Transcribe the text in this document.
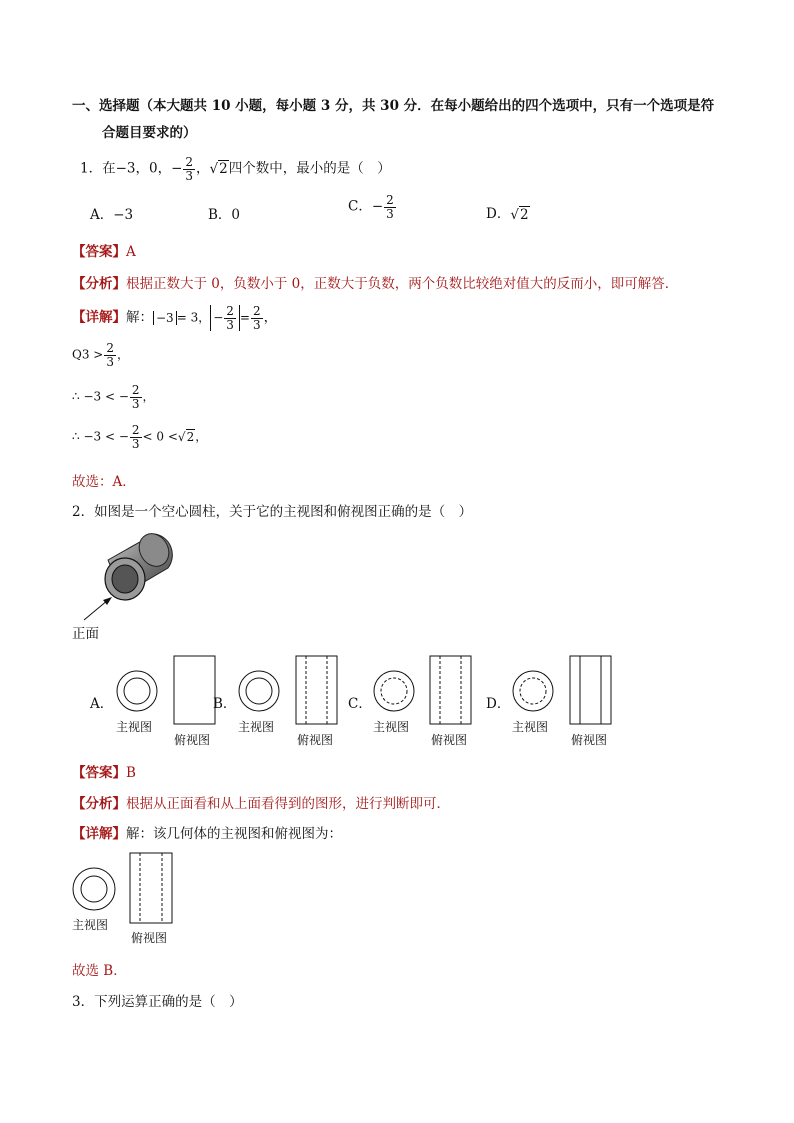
一、选择题（本大题共 10 小题，每小题 3 分，共 30 分．在每小题给出的四个选项中，只有一个选项是符
合题目要求的）
1．在−3，0，− $\frac{2}{3}$ ，√2四个数中，最小的是（　）
A．−3	B．0
C．− $\frac{2}{3}$	D．√2
【答案】A
【分析】根据正数大于 0，负数小于 0，正数大于负数，两个负数比较绝对值大的反而小，即可解答．
【详解】解： −3 = 3， − $\frac{2}{3} = \frac{2}{3}$ ，
$Q3 > \frac{2}{3}$ ，
∴ −3 < − $\frac{2}{3}$ ，
∴ −3 < − $\frac{2}{3} < 0 <√2$，
故选：A．
2．如图是一个空心圆柱，关于它的主视图和俯视图正确的是（　）
正面
A．
主视图
俯视图
B．
主视图
俯视图
C．
主视图
俯视图
D．
主视图
俯视图
【答案】B
【分析】根据从正面看和从上面看得到的图形，进行判断即可．
【详解】解：该几何体的主视图和俯视图为：
主视图
俯视图
故选 B．
3．下列运算正确的是（　）
